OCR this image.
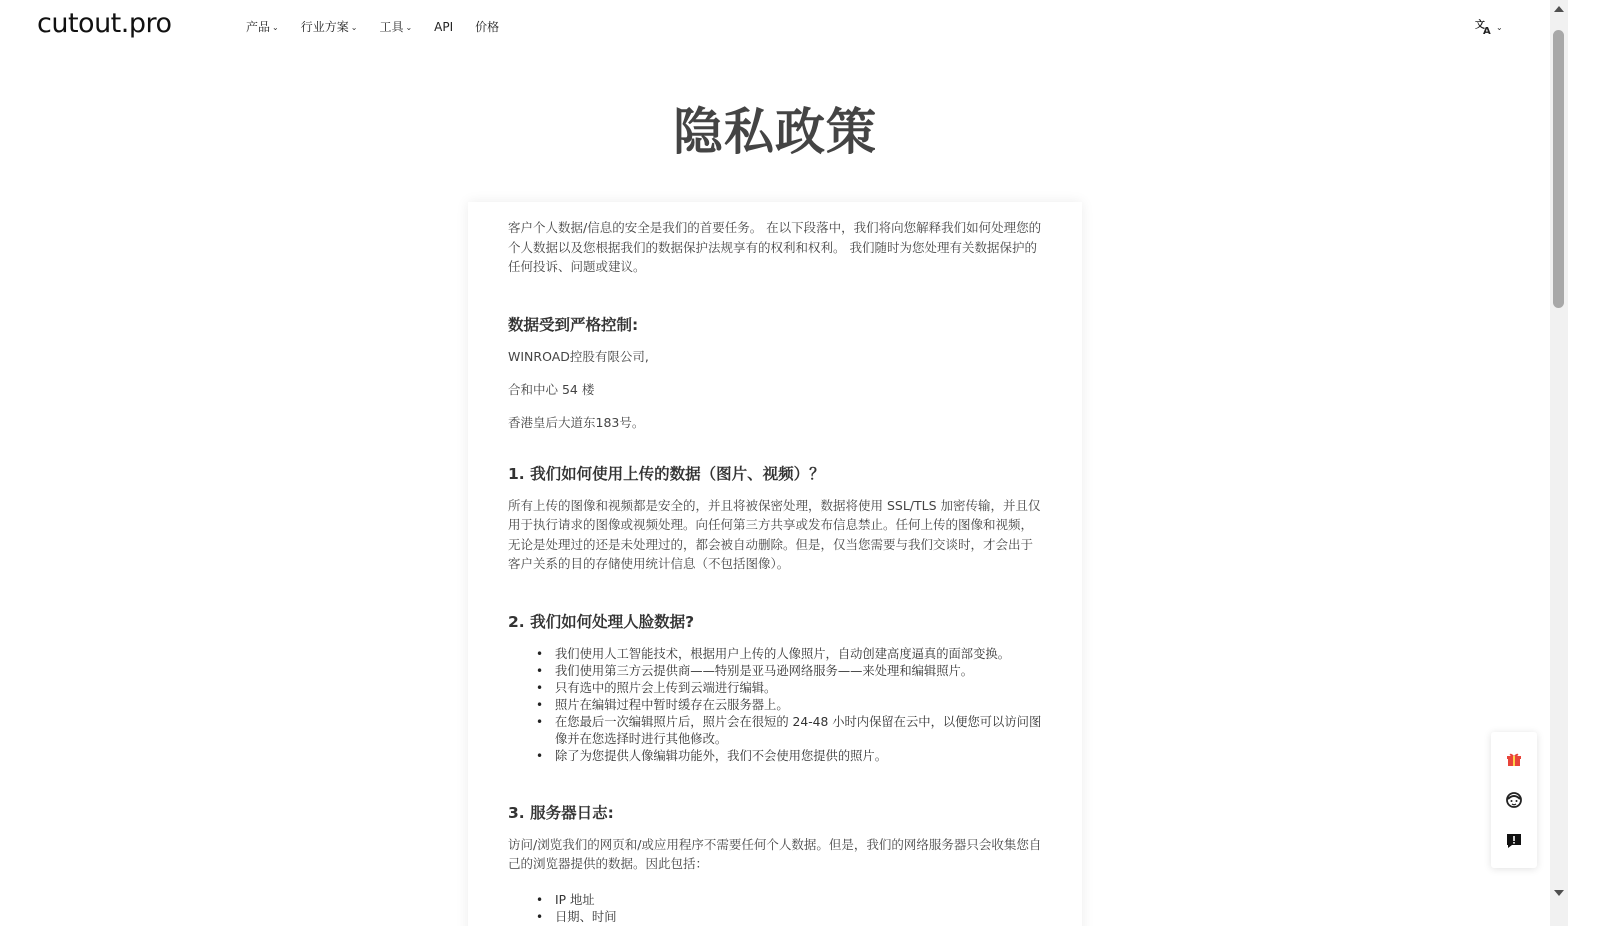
cutout.pro	产品 ⌄ 行业方案 ⌄ 工具 ⌄ API 价格	文
A ⌄
隐私政策

客户个人数据/信息的安全是我们的首要任务。 在以下段落中，我们将向您解释我们如何处理您的个人数据以及您根据我们的数据保护法规享有的权利和权利。 我们随时为您处理有关数据保护的任何投诉、问题或建议。

数据受到严格控制:

WINROAD控股有限公司,

合和中心 54 楼

香港皇后大道东183号。

1. 我们如何使用上传的数据（图片、视频）？

所有上传的图像和视频都是安全的，并且将被保密处理，数据将使用 SSL/TLS 加密传输，并且仅用于执行请求的图像或视频处理。向任何第三方共享或发布信息禁止。任何上传的图像和视频，无论是处理过的还是未处理过的，都会被自动删除。但是，仅当您需要与我们交谈时，才会出于客户关系的目的存储使用统计信息（不包括图像）。

2. 我们如何处理人脸数据?
• 我们使用人工智能技术，根据用户上传的人像照片，自动创建高度逼真的面部变换。
• 我们使用第三方云提供商——特别是亚马逊网络服务——来处理和编辑照片。
• 只有选中的照片会上传到云端进行编辑。
• 照片在编辑过程中暂时缓存在云服务器上。
• 在您最后一次编辑照片后，照片会在很短的 24-48 小时内保留在云中，以便您可以访问图像并在您选择时进行其他修改。
• 除了为您提供人像编辑功能外，我们不会使用您提供的照片。
3. 服务器日志:

访问/浏览我们的网页和/或应用程序不需要任何个人数据。但是，我们的网络服务器只会收集您自己的浏览器提供的数据。因此包括：

• IP 地址
• 日期、时间
